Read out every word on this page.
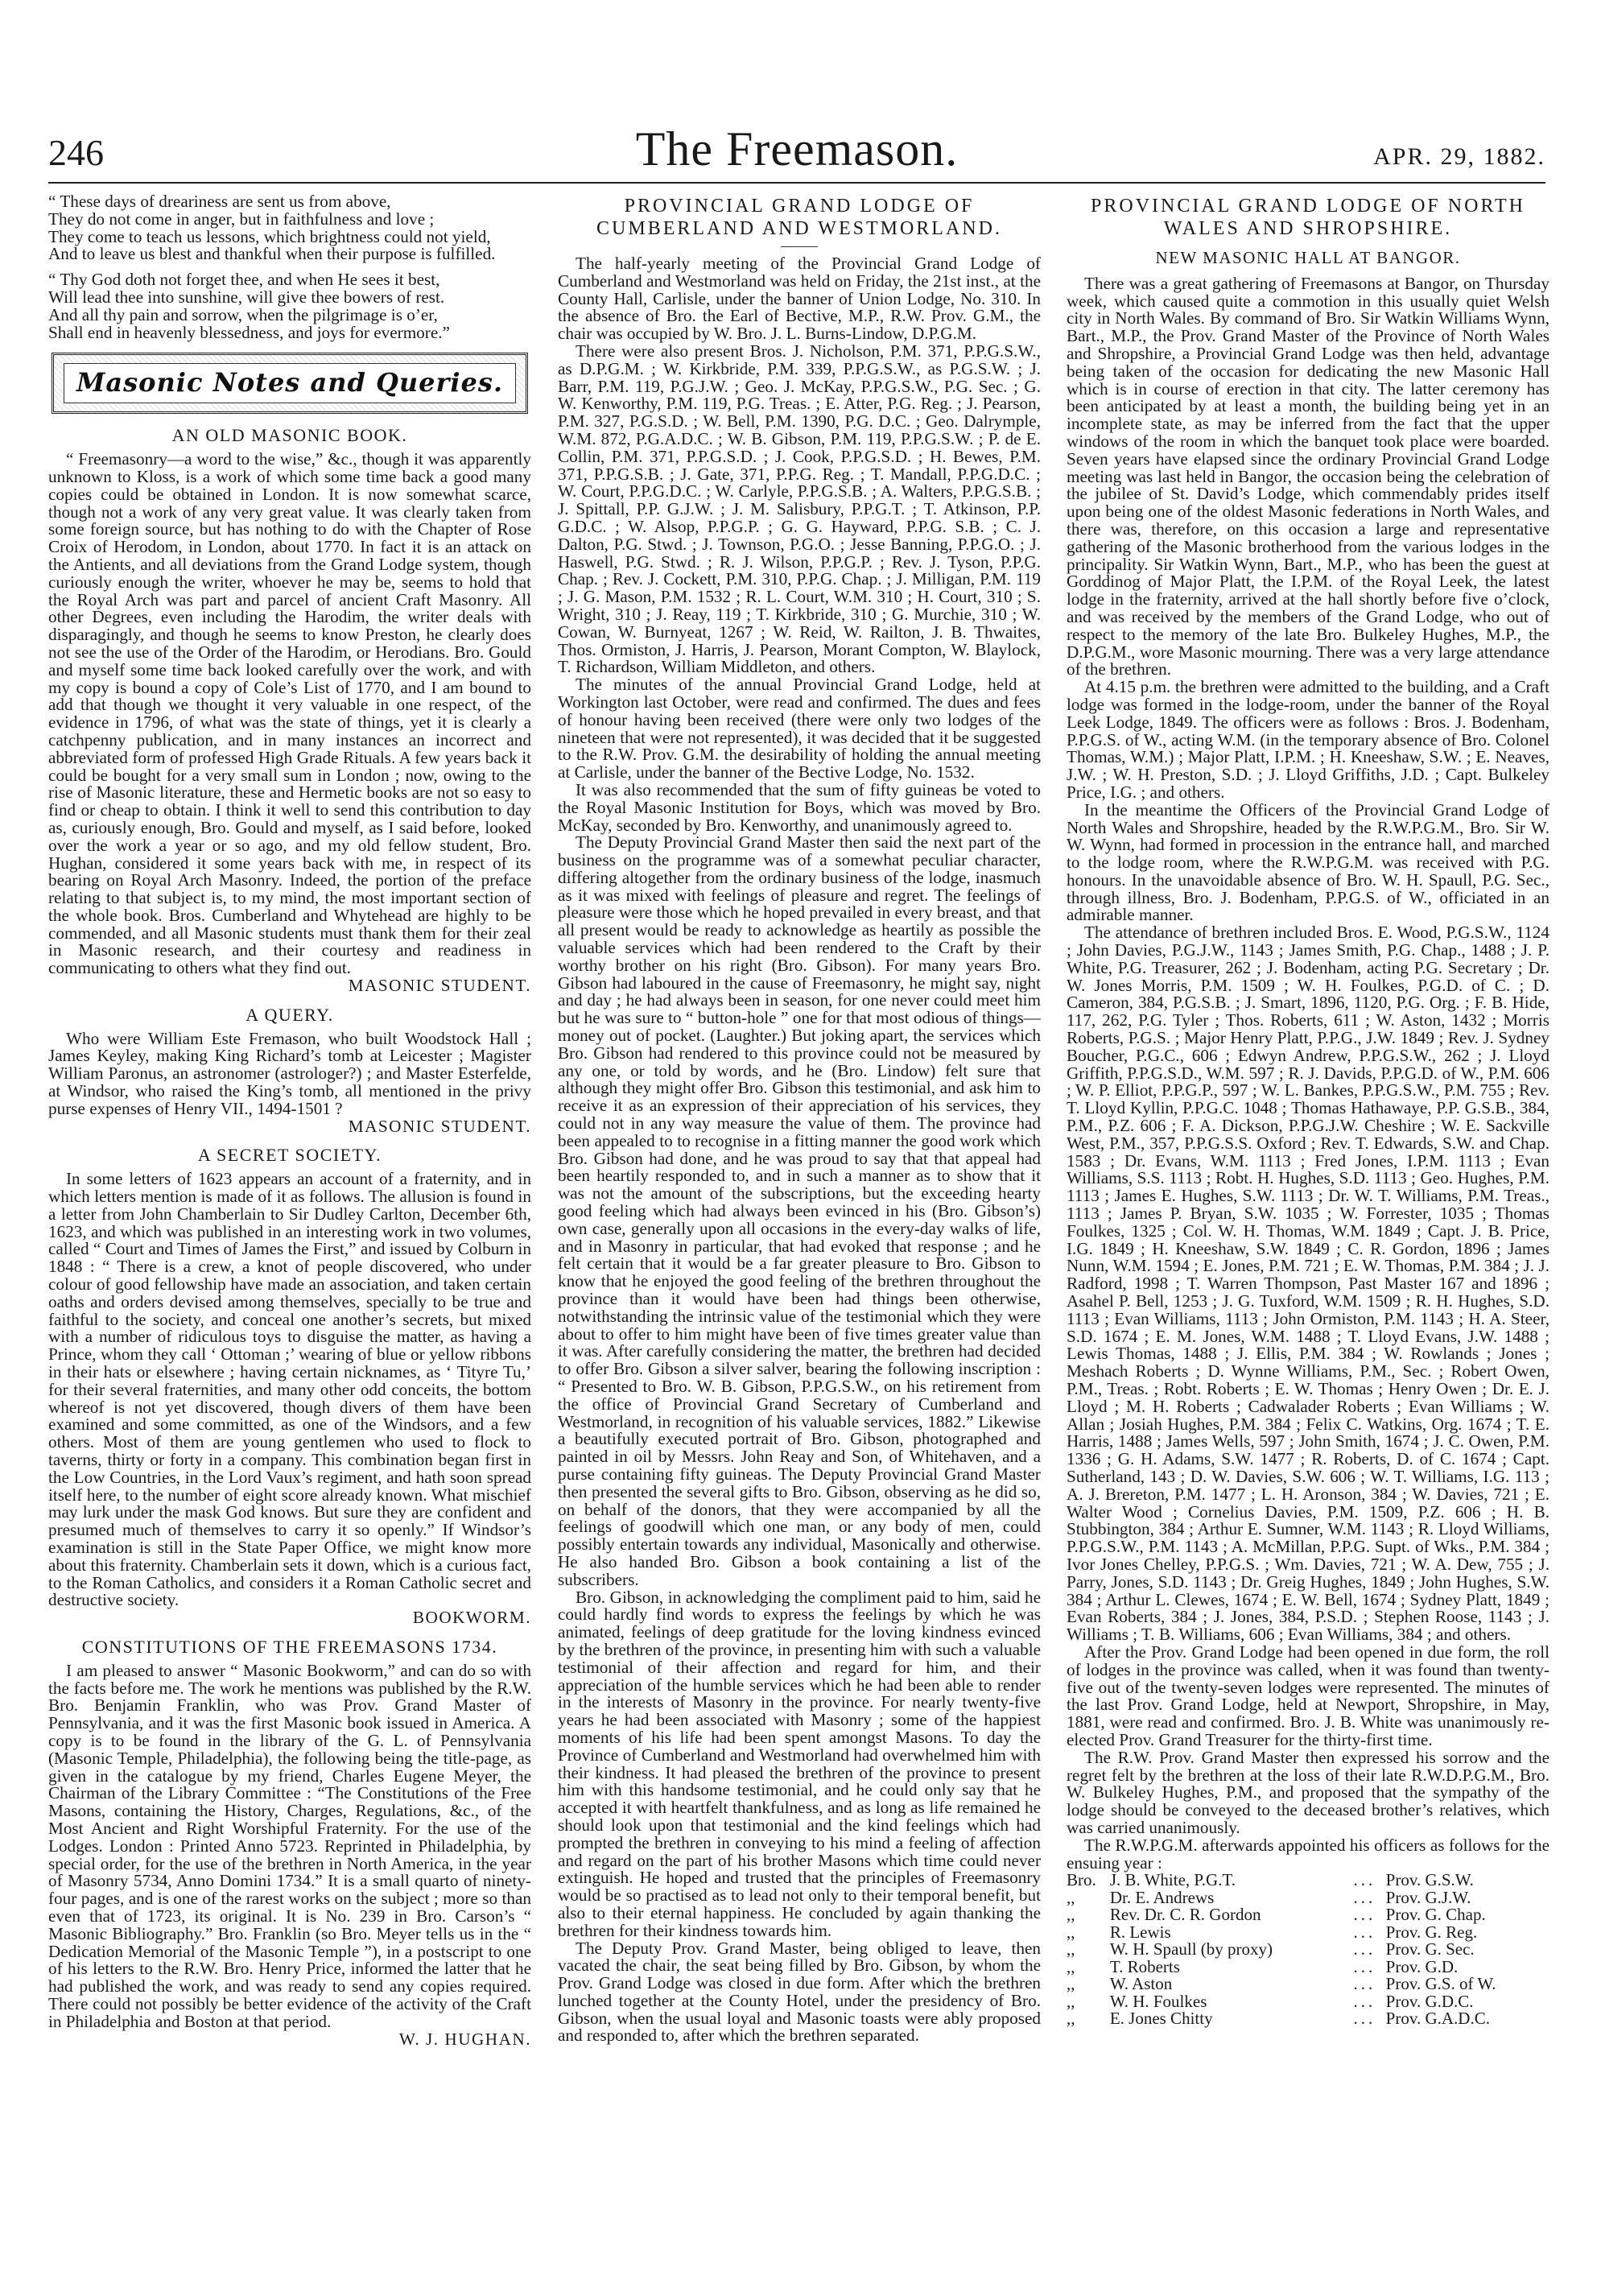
246	The Freemason.	APR. 29, 1882.

“ These days of dreariness are sent us from above,

They do not come in anger, but in faithfulness and love ;

They come to teach us lessons, which brightness could not yield,

And to leave us blest and thankful when their purpose is fulfilled.

“ Thy God doth not forget thee, and when He sees it best,

Will lead thee into sunshine, will give thee bowers of rest.

And all thy pain and sorrow, when the pilgrimage is o’er,

Shall end in heavenly blessedness, and joys for evermore.”

Masonic Notes and Queries.
AN OLD MASONIC BOOK.

“ Freemasonry—a word to the wise,” &c., though it was apparently unknown to Kloss, is a work of which some time back a good many copies could be obtained in London. It is now somewhat scarce, though not a work of any very great value. It was clearly taken from some foreign source, but has nothing to do with the Chapter of Rose Croix of Herodom, in London, about 1770. In fact it is an attack on the Antients, and all deviations from the Grand Lodge system, though curiously enough the writer, whoever he may be, seems to hold that the Royal Arch was part and parcel of ancient Craft Masonry. All other Degrees, even including the Harodim, the writer deals with disparagingly, and though he seems to know Preston, he clearly does not see the use of the Order of the Harodim, or Herodians. Bro. Gould and myself some time back looked carefully over the work, and with my copy is bound a copy of Cole’s List of 1770, and I am bound to add that though we thought it very valuable in one respect, of the evidence in 1796, of what was the state of things, yet it is clearly a catchpenny publication, and in many instances an incorrect and abbreviated form of professed High Grade Rituals. A few years back it could be bought for a very small sum in London ; now, owing to the rise of Masonic literature, these and Hermetic books are not so easy to find or cheap to obtain. I think it well to send this contribution to day as, curiously enough, Bro. Gould and myself, as I said before, looked over the work a year or so ago, and my old fellow student, Bro. Hughan, considered it some years back with me, in respect of its bearing on Royal Arch Masonry. Indeed, the portion of the preface relating to that subject is, to my mind, the most important section of the whole book. Bros. Cumberland and Whytehead are highly to be commended, and all Masonic students must thank them for their zeal in Masonic research, and their courtesy and readiness in communicating to others what they find out.

MASONIC STUDENT.

A QUERY.

Who were William Este Fremason, who built Woodstock Hall ; James Keyley, making King Richard’s tomb at Leicester ; Magister William Paronus, an astronomer (astrologer?) ; and Master Esterfelde, at Windsor, who raised the King’s tomb, all mentioned in the privy purse expenses of Henry VII., 1494-1501 ?

MASONIC STUDENT.

A SECRET SOCIETY.

In some letters of 1623 appears an account of a fraternity, and in which letters mention is made of it as follows. The allusion is found in a letter from John Chamberlain to Sir Dudley Carlton, December 6th, 1623, and which was published in an interesting work in two volumes, called “ Court and Times of James the First,” and issued by Colburn in 1848 : “ There is a crew, a knot of people discovered, who under colour of good fellowship have made an association, and taken certain oaths and orders devised among themselves, specially to be true and faithful to the society, and conceal one another’s secrets, but mixed with a number of ridiculous toys to disguise the matter, as having a Prince, whom they call ‘ Ottoman ;’ wearing of blue or yellow ribbons in their hats or elsewhere ; having certain nicknames, as ‘ Tityre Tu,’ for their several fraternities, and many other odd conceits, the bottom whereof is not yet discovered, though divers of them have been examined and some committed, as one of the Windsors, and a few others. Most of them are young gentlemen who used to flock to taverns, thirty or forty in a company. This combination began first in the Low Countries, in the Lord Vaux’s regiment, and hath soon spread itself here, to the number of eight score already known. What mischief may lurk under the mask God knows. But sure they are confident and presumed much of themselves to carry it so openly.” If Windsor’s examination is still in the State Paper Office, we might know more about this fraternity. Chamberlain sets it down, which is a curious fact, to the Roman Catholics, and considers it a Roman Catholic secret and destructive society.

BOOKWORM.

CONSTITUTIONS OF THE FREEMASONS 1734.

I am pleased to answer “ Masonic Bookworm,” and can do so with the facts before me. The work he mentions was published by the R.W. Bro. Benjamin Franklin, who was Prov. Grand Master of Pennsylvania, and it was the first Masonic book issued in America. A copy is to be found in the library of the G. L. of Pennsylvania (Masonic Temple, Philadelphia), the following being the title-page, as given in the catalogue by my friend, Charles Eugene Meyer, the Chairman of the Library Committee : “The Constitutions of the Free Masons, containing the History, Charges, Regulations, &c., of the Most Ancient and Right Worshipful Fraternity. For the use of the Lodges. London : Printed Anno 5723. Reprinted in Philadelphia, by special order, for the use of the brethren in North America, in the year of Masonry 5734, Anno Domini 1734.” It is a small quarto of ninety-four pages, and is one of the rarest works on the subject ; more so than even that of 1723, its original. It is No. 239 in Bro. Carson’s “ Masonic Bibliography.” Bro. Franklin (so Bro. Meyer tells us in the “ Dedication Memorial of the Masonic Temple ”), in a postscript to one of his letters to the R.W. Bro. Henry Price, informed the latter that he had published the work, and was ready to send any copies required. There could not possibly be better evidence of the activity of the Craft in Philadelphia and Boston at that period.

W. J. HUGHAN.

PROVINCIAL GRAND LODGE OF CUMBERLAND AND WESTMORLAND.

The half-yearly meeting of the Provincial Grand Lodge of Cumberland and Westmorland was held on Friday, the 21st inst., at the County Hall, Carlisle, under the banner of Union Lodge, No. 310. In the absence of Bro. the Earl of Bective, M.P., R.W. Prov. G.M., the chair was occupied by W. Bro. J. L. Burns-Lindow, D.P.G.M.

There were also present Bros. J. Nicholson, P.M. 371, P.P.G.S.W., as D.P.G.M. ; W. Kirkbride, P.M. 339, P.P.G.S.W., as P.G.S.W. ; J. Barr, P.M. 119, P.G.J.W. ; Geo. J. McKay, P.P.G.S.W., P.G. Sec. ; G. W. Kenworthy, P.M. 119, P.G. Treas. ; E. Atter, P.G. Reg. ; J. Pearson, P.M. 327, P.G.S.D. ; W. Bell, P.M. 1390, P.G. D.C. ; Geo. Dalrymple, W.M. 872, P.G.A.D.C. ; W. B. Gibson, P.M. 119, P.P.G.S.W. ; P. de E. Collin, P.M. 371, P.P.G.S.D. ; J. Cook, P.P.G.S.D. ; H. Bewes, P.M. 371, P.P.G.S.B. ; J. Gate, 371, P.P.G. Reg. ; T. Mandall, P.P.G.D.C. ; W. Court, P.P.G.D.C. ; W. Carlyle, P.P.G.S.B. ; A. Walters, P.P.G.S.B. ; J. Spittall, P.P. G.J.W. ; J. M. Salisbury, P.P.G.T. ; T. Atkinson, P.P. G.D.C. ; W. Alsop, P.P.G.P. ; G. G. Hayward, P.P.G. S.B. ; C. J. Dalton, P.G. Stwd. ; J. Townson, P.G.O. ; Jesse Banning, P.P.G.O. ; J. Haswell, P.G. Stwd. ; R. J. Wilson, P.P.G.P. ; Rev. J. Tyson, P.P.G. Chap. ; Rev. J. Cockett, P.M. 310, P.P.G. Chap. ; J. Milligan, P.M. 119 ; J. G. Mason, P.M. 1532 ; R. L. Court, W.M. 310 ; H. Court, 310 ; S. Wright, 310 ; J. Reay, 119 ; T. Kirkbride, 310 ; G. Murchie, 310 ; W. Cowan, W. Burnyeat, 1267 ; W. Reid, W. Railton, J. B. Thwaites, Thos. Ormiston, J. Harris, J. Pearson, Morant Compton, W. Blaylock, T. Richardson, William Middleton, and others.

The minutes of the annual Provincial Grand Lodge, held at Workington last October, were read and confirmed. The dues and fees of honour having been received (there were only two lodges of the nineteen that were not represented), it was decided that it be suggested to the R.W. Prov. G.M. the desirability of holding the annual meeting at Carlisle, under the banner of the Bective Lodge, No. 1532.

It was also recommended that the sum of fifty guineas be voted to the Royal Masonic Institution for Boys, which was moved by Bro. McKay, seconded by Bro. Kenworthy, and unanimously agreed to.

The Deputy Provincial Grand Master then said the next part of the business on the programme was of a somewhat peculiar character, differing altogether from the ordinary business of the lodge, inasmuch as it was mixed with feelings of pleasure and regret. The feelings of pleasure were those which he hoped prevailed in every breast, and that all present would be ready to acknowledge as heartily as possible the valuable services which had been rendered to the Craft by their worthy brother on his right (Bro. Gibson). For many years Bro. Gibson had laboured in the cause of Freemasonry, he might say, night and day ; he had always been in season, for one never could meet him but he was sure to “ button-hole ” one for that most odious of things—money out of pocket. (Laughter.) But joking apart, the services which Bro. Gibson had rendered to this province could not be measured by any one, or told by words, and he (Bro. Lindow) felt sure that although they might offer Bro. Gibson this testimonial, and ask him to receive it as an expression of their appreciation of his services, they could not in any way measure the value of them. The province had been appealed to to recognise in a fitting manner the good work which Bro. Gibson had done, and he was proud to say that that appeal had been heartily responded to, and in such a manner as to show that it was not the amount of the subscriptions, but the exceeding hearty good feeling which had always been evinced in his (Bro. Gibson’s) own case, generally upon all occasions in the every-day walks of life, and in Masonry in particular, that had evoked that response ; and he felt certain that it would be a far greater pleasure to Bro. Gibson to know that he enjoyed the good feeling of the brethren throughout the province than it would have been had things been otherwise, notwithstanding the intrinsic value of the testimonial which they were about to offer to him might have been of five times greater value than it was. After carefully considering the matter, the brethren had decided to offer Bro. Gibson a silver salver, bearing the following inscription : “ Presented to Bro. W. B. Gibson, P.P.G.S.W., on his retirement from the office of Provincial Grand Secretary of Cumberland and Westmorland, in recognition of his valuable services, 1882.” Likewise a beautifully executed portrait of Bro. Gibson, photographed and painted in oil by Messrs. John Reay and Son, of Whitehaven, and a purse containing fifty guineas. The Deputy Provincial Grand Master then presented the several gifts to Bro. Gibson, observing as he did so, on behalf of the donors, that they were accompanied by all the feelings of goodwill which one man, or any body of men, could possibly entertain towards any individual, Masonically and otherwise. He also handed Bro. Gibson a book containing a list of the subscribers.

Bro. Gibson, in acknowledging the compliment paid to him, said he could hardly find words to express the feelings by which he was animated, feelings of deep gratitude for the loving kindness evinced by the brethren of the province, in presenting him with such a valuable testimonial of their affection and regard for him, and their appreciation of the humble services which he had been able to render in the interests of Masonry in the province. For nearly twenty-five years he had been associated with Masonry ; some of the happiest moments of his life had been spent amongst Masons. To day the Province of Cumberland and Westmorland had overwhelmed him with their kindness. It had pleased the brethren of the province to present him with this handsome testimonial, and he could only say that he accepted it with heartfelt thankfulness, and as long as life remained he should look upon that testimonial and the kind feelings which had prompted the brethren in conveying to his mind a feeling of affection and regard on the part of his brother Masons which time could never extinguish. He hoped and trusted that the principles of Freemasonry would be so practised as to lead not only to their temporal benefit, but also to their eternal happiness. He concluded by again thanking the brethren for their kindness towards him.

The Deputy Prov. Grand Master, being obliged to leave, then vacated the chair, the seat being filled by Bro. Gibson, by whom the Prov. Grand Lodge was closed in due form. After which the brethren lunched together at the County Hotel, under the presidency of Bro. Gibson, when the usual loyal and Masonic toasts were ably proposed and responded to, after which the brethren separated.

PROVINCIAL GRAND LODGE OF NORTH WALES AND SHROPSHIRE.
NEW MASONIC HALL AT BANGOR.

There was a great gathering of Freemasons at Bangor, on Thursday week, which caused quite a commotion in this usually quiet Welsh city in North Wales. By command of Bro. Sir Watkin Williams Wynn, Bart., M.P., the Prov. Grand Master of the Province of North Wales and Shropshire, a Provincial Grand Lodge was then held, advantage being taken of the occasion for dedicating the new Masonic Hall which is in course of erection in that city. The latter ceremony has been anticipated by at least a month, the building being yet in an incomplete state, as may be inferred from the fact that the upper windows of the room in which the banquet took place were boarded. Seven years have elapsed since the ordinary Provincial Grand Lodge meeting was last held in Bangor, the occasion being the celebration of the jubilee of St. David’s Lodge, which commendably prides itself upon being one of the oldest Masonic federations in North Wales, and there was, therefore, on this occasion a large and representative gathering of the Masonic brotherhood from the various lodges in the principality. Sir Watkin Wynn, Bart., M.P., who has been the guest at Gorddinog of Major Platt, the I.P.M. of the Royal Leek, the latest lodge in the fraternity, arrived at the hall shortly before five o’clock, and was received by the members of the Grand Lodge, who out of respect to the memory of the late Bro. Bulkeley Hughes, M.P., the D.P.G.M., wore Masonic mourning. There was a very large attendance of the brethren.

At 4.15 p.m. the brethren were admitted to the building, and a Craft lodge was formed in the lodge-room, under the banner of the Royal Leek Lodge, 1849. The officers were as follows : Bros. J. Bodenham, P.P.G.S. of W., acting W.M. (in the temporary absence of Bro. Colonel Thomas, W.M.) ; Major Platt, I.P.M. ; H. Kneeshaw, S.W. ; E. Neaves, J.W. ; W. H. Preston, S.D. ; J. Lloyd Griffiths, J.D. ; Capt. Bulkeley Price, I.G. ; and others.

In the meantime the Officers of the Provincial Grand Lodge of North Wales and Shropshire, headed by the R.W.P.G.M., Bro. Sir W. W. Wynn, had formed in procession in the entrance hall, and marched to the lodge room, where the R.W.P.G.M. was received with P.G. honours. In the unavoidable absence of Bro. W. H. Spaull, P.G. Sec., through illness, Bro. J. Bodenham, P.P.G.S. of W., officiated in an admirable manner.

The attendance of brethren included Bros. E. Wood, P.G.S.W., 1124 ; John Davies, P.G.J.W., 1143 ; James Smith, P.G. Chap., 1488 ; J. P. White, P.G. Treasurer, 262 ; J. Bodenham, acting P.G. Secretary ; Dr. W. Jones Morris, P.M. 1509 ; W. H. Foulkes, P.G.D. of C. ; D. Cameron, 384, P.G.S.B. ; J. Smart, 1896, 1120, P.G. Org. ; F. B. Hide, 117, 262, P.G. Tyler ; Thos. Roberts, 611 ; W. Aston, 1432 ; Morris Roberts, P.G.S. ; Major Henry Platt, P.P.G., J.W. 1849 ; Rev. J. Sydney Boucher, P.G.C., 606 ; Edwyn Andrew, P.P.G.S.W., 262 ; J. Lloyd Griffith, P.P.G.S.D., W.M. 597 ; R. J. Davids, P.P.G.D. of W., P.M. 606 ; W. P. Elliot, P.P.G.P., 597 ; W. L. Bankes, P.P.G.S.W., P.M. 755 ; Rev. T. Lloyd Kyllin, P.P.G.C. 1048 ; Thomas Hathawaye, P.P. G.S.B., 384, P.M., P.Z. 606 ; F. A. Dickson, P.P.G.J.W. Cheshire ; W. E. Sackville West, P.M., 357, P.P.G.S.S. Oxford ; Rev. T. Edwards, S.W. and Chap. 1583 ; Dr. Evans, W.M. 1113 ; Fred Jones, I.P.M. 1113 ; Evan Williams, S.S. 1113 ; Robt. H. Hughes, S.D. 1113 ; Geo. Hughes, P.M. 1113 ; James E. Hughes, S.W. 1113 ; Dr. W. T. Williams, P.M. Treas., 1113 ; James P. Bryan, S.W. 1035 ; W. Forrester, 1035 ; Thomas Foulkes, 1325 ; Col. W. H. Thomas, W.M. 1849 ; Capt. J. B. Price, I.G. 1849 ; H. Kneeshaw, S.W. 1849 ; C. R. Gordon, 1896 ; James Nunn, W.M. 1594 ; E. Jones, P.M. 721 ; E. W. Thomas, P.M. 384 ; J. J. Radford, 1998 ; T. Warren Thompson, Past Master 167 and 1896 ; Asahel P. Bell, 1253 ; J. G. Tuxford, W.M. 1509 ; R. H. Hughes, S.D. 1113 ; Evan Williams, 1113 ; John Ormiston, P.M. 1143 ; H. A. Steer, S.D. 1674 ; E. M. Jones, W.M. 1488 ; T. Lloyd Evans, J.W. 1488 ; Lewis Thomas, 1488 ; J. Ellis, P.M. 384 ; W. Rowlands ; Jones ; Meshach Roberts ; D. Wynne Williams, P.M., Sec. ; Robert Owen, P.M., Treas. ; Robt. Roberts ; E. W. Thomas ; Henry Owen ; Dr. E. J. Lloyd ; M. H. Roberts ; Cadwalader Roberts ; Evan Williams ; W. Allan ; Josiah Hughes, P.M. 384 ; Felix C. Watkins, Org. 1674 ; T. E. Harris, 1488 ; James Wells, 597 ; John Smith, 1674 ; J. C. Owen, P.M. 1336 ; G. H. Adams, S.W. 1477 ; R. Roberts, D. of C. 1674 ; Capt. Sutherland, 143 ; D. W. Davies, S.W. 606 ; W. T. Williams, I.G. 113 ; A. J. Brereton, P.M. 1477 ; L. H. Aronson, 384 ; W. Davies, 721 ; E. Walter Wood ; Cornelius Davies, P.M. 1509, P.Z. 606 ; H. B. Stubbington, 384 ; Arthur E. Sumner, W.M. 1143 ; R. Lloyd Williams, P.P.G.S.W., P.M. 1143 ; A. McMillan, P.P.G. Supt. of Wks., P.M. 384 ; Ivor Jones Chelley, P.P.G.S. ; Wm. Davies, 721 ; W. A. Dew, 755 ; J. Parry, Jones, S.D. 1143 ; Dr. Greig Hughes, 1849 ; John Hughes, S.W. 384 ; Arthur L. Clewes, 1674 ; E. W. Bell, 1674 ; Sydney Platt, 1849 ; Evan Roberts, 384 ; J. Jones, 384, P.S.D. ; Stephen Roose, 1143 ; J. Williams ; T. B. Williams, 606 ; Evan Williams, 384 ; and others.

After the Prov. Grand Lodge had been opened in due form, the roll of lodges in the province was called, when it was found than twenty-five out of the twenty-seven lodges were represented. The minutes of the last Prov. Grand Lodge, held at Newport, Shropshire, in May, 1881, were read and confirmed. Bro. J. B. White was unanimously re-elected Prov. Grand Treasurer for the thirty-first time.

The R.W. Prov. Grand Master then expressed his sorrow and the regret felt by the brethren at the loss of their late R.W.D.P.G.M., Bro. W. Bulkeley Hughes, P.M., and proposed that the sympathy of the lodge should be conveyed to the deceased brother’s relatives, which was carried unanimously.

The R.W.P.G.M. afterwards appointed his officers as follows for the ensuing year :

Bro.	J. B. White, P.G.T.	...	Prov. G.S.W.
,,	Dr. E. Andrews	...	Prov. G.J.W.
,,	Rev. Dr. C. R. Gordon	...	Prov. G. Chap.
,,	R. Lewis	...	Prov. G. Reg.
,,	W. H. Spaull (by proxy)	...	Prov. G. Sec.
,,	T. Roberts	...	Prov. G.D.
,,	W. Aston	...	Prov. G.S. of W.
,,	W. H. Foulkes	...	Prov. G.D.C.
,,	E. Jones Chitty	...	Prov. G.A.D.C.
